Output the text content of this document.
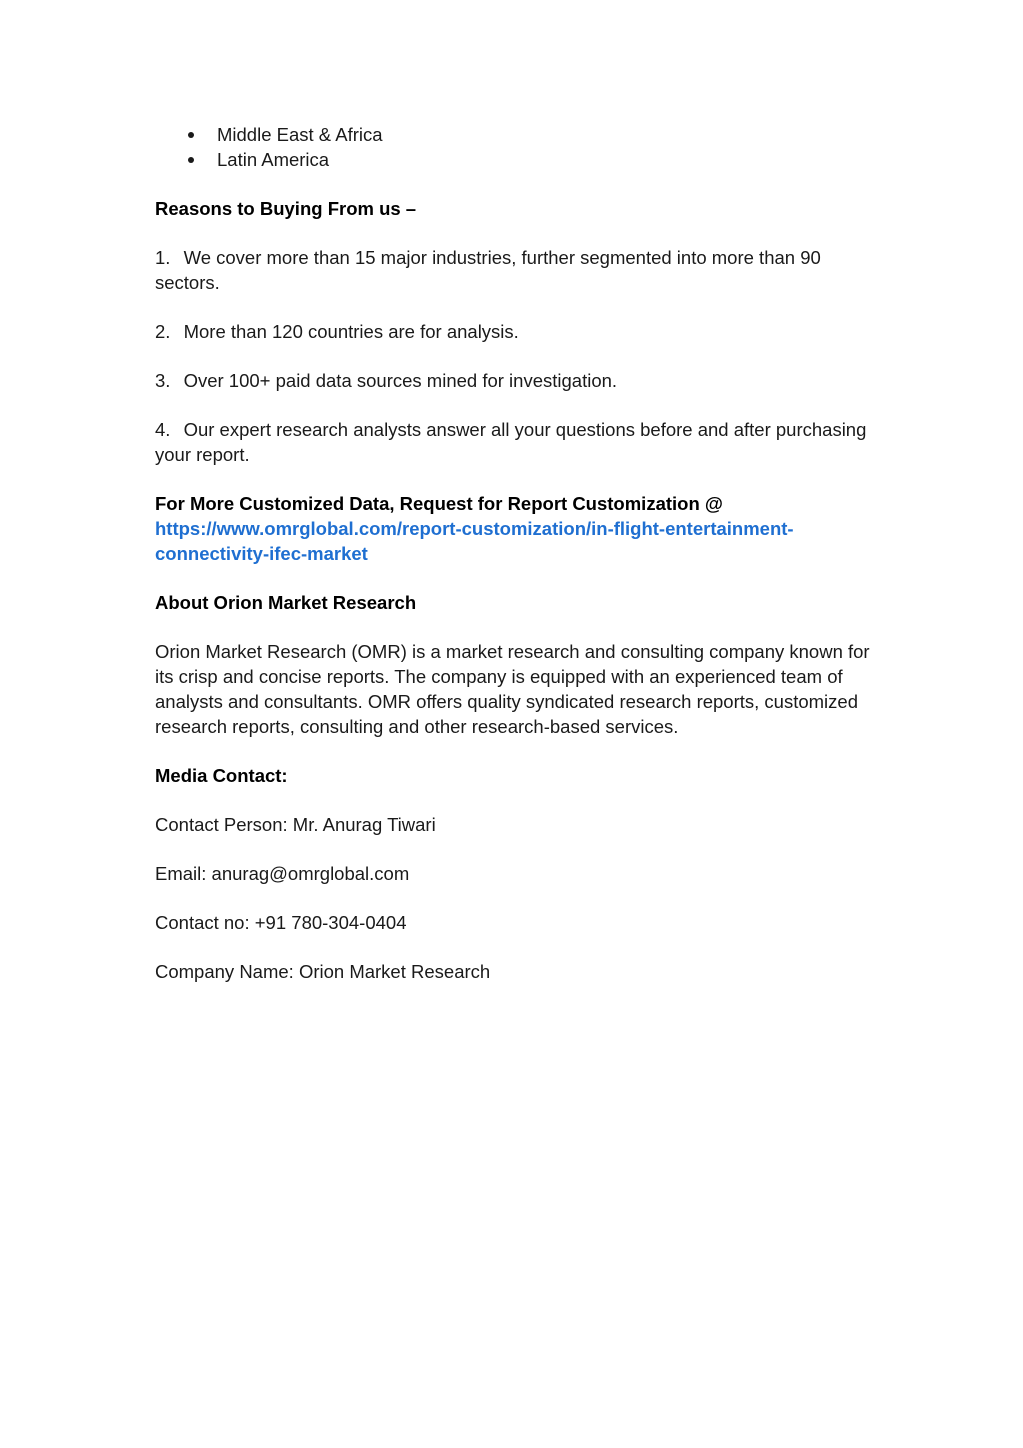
Middle East & Africa
Latin America

Reasons to Buying From us –

1. We cover more than 15 major industries, further segmented into more than 90 sectors.

2. More than 120 countries are for analysis.

3. Over 100+ paid data sources mined for investigation.

4. Our expert research analysts answer all your questions before and after purchasing your report.

For More Customized Data, Request for Report Customization @
https://www.omrglobal.com/report-customization/in-flight-entertainment-
connectivity-ifec-market

About Orion Market Research

Orion Market Research (OMR) is a market research and consulting company known for its crisp and concise reports. The company is equipped with an experienced team of analysts and consultants. OMR offers quality syndicated research reports, customized research reports, consulting and other research-based services.

Media Contact:

Contact Person: Mr. Anurag Tiwari

Email: anurag@omrglobal.com

Contact no: +91 780-304-0404

Company Name: Orion Market Research
